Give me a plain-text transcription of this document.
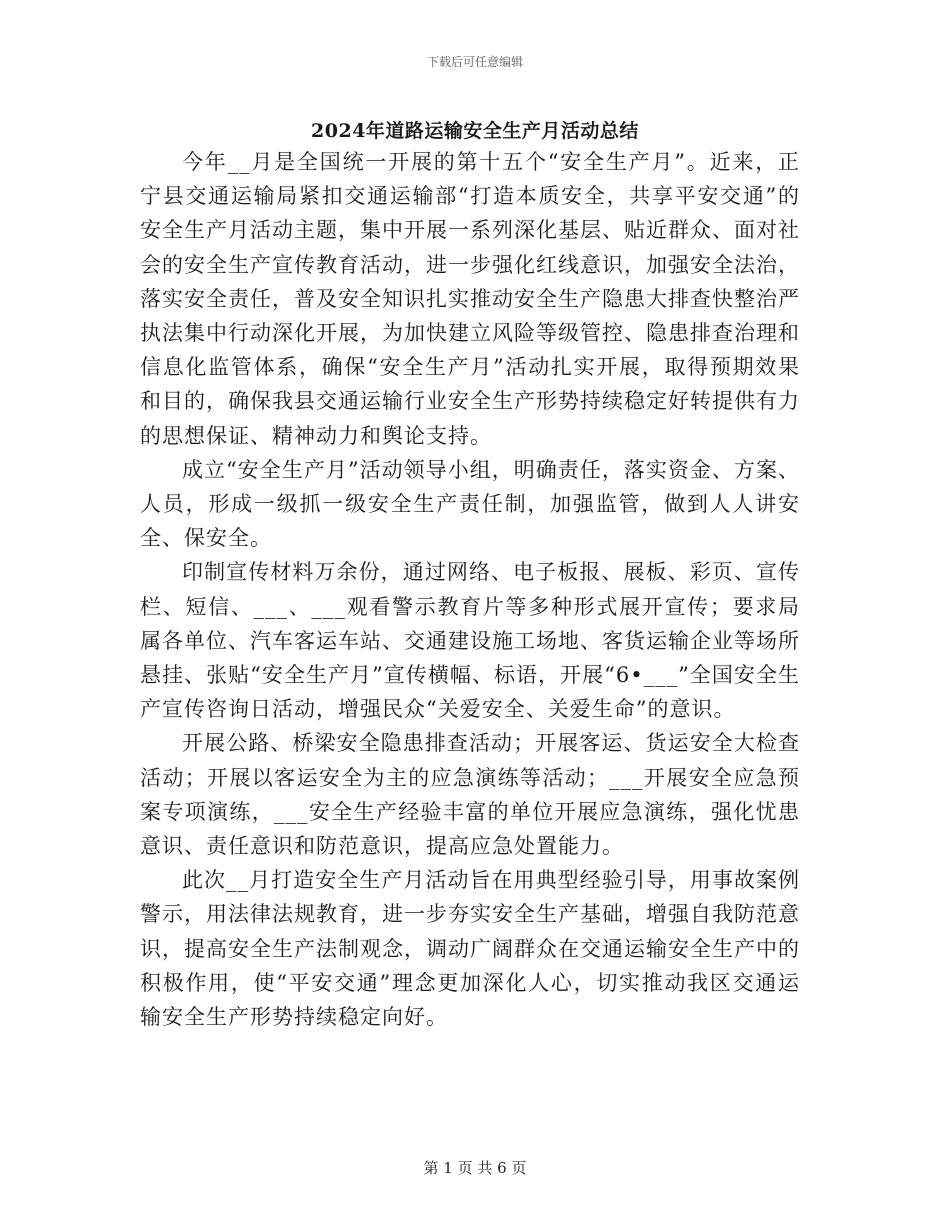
下载后可任意编辑
2024年道路运输安全生产月活动总结

今年__月是全国统一开展的第十五个“安全生产月”。近来，正宁县交通运输局紧扣交通运输部“打造本质安全，共享平安交通”的安全生产月活动主题，集中开展一系列深化基层、贴近群众、面对社会的安全生产宣传教育活动，进一步强化红线意识，加强安全法治，落实安全责任，普及安全知识扎实推动安全生产隐患大排查快整治严执法集中行动深化开展，为加快建立风险等级管控、隐患排查治理和信息化监管体系，确保“安全生产月”活动扎实开展，取得预期效果和目的，确保我县交通运输行业安全生产形势持续稳定好转提供有力的思想保证、精神动力和舆论支持。

成立“安全生产月”活动领导小组，明确责任，落实资金、方案、人员，形成一级抓一级安全生产责任制，加强监管，做到人人讲安全、保安全。

印制宣传材料万余份，通过网络、电子板报、展板、彩页、宣传栏、短信、___、___观看警示教育片等多种形式展开宣传；要求局属各单位、汽车客运车站、交通建设施工场地、客货运输企业等场所悬挂、张贴“安全生产月”宣传横幅、标语，开展“6•___”全国安全生产宣传咨询日活动，增强民众“关爱安全、关爱生命”的意识。

开展公路、桥梁安全隐患排查活动；开展客运、货运安全大检查活动；开展以客运安全为主的应急演练等活动；___开展安全应急预案专项演练，___安全生产经验丰富的单位开展应急演练，强化忧患意识、责任意识和防范意识，提高应急处置能力。

此次__月打造安全生产月活动旨在用典型经验引导，用事故案例警示，用法律法规教育，进一步夯实安全生产基础，增强自我防范意识，提高安全生产法制观念，调动广阔群众在交通运输安全生产中的积极作用，使“平安交通”理念更加深化人心，切实推动我区交通运输安全生产形势持续稳定向好。

第 1 页 共 6 页
